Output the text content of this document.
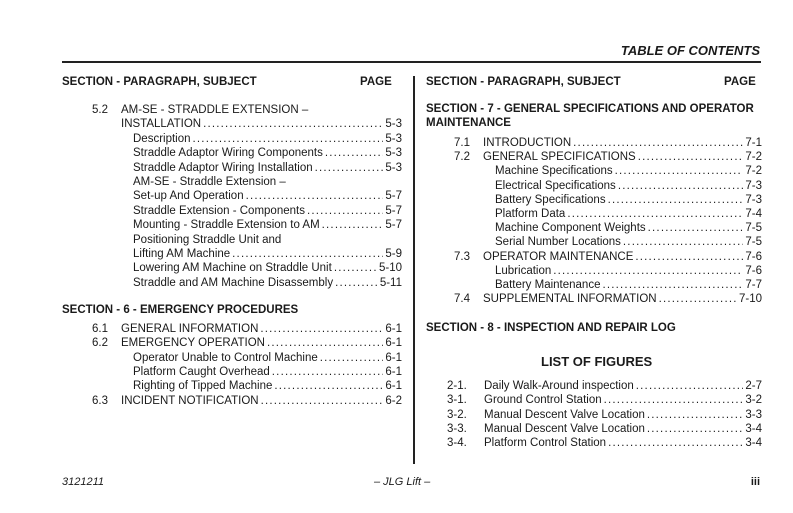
TABLE OF CONTENTS
SECTION - PARAGRAPH, SUBJECT	PAGE	SECTION - PARAGRAPH, SUBJECT	PAGE
5.2	AM-SE - STRADDLE EXTENSION –
INSTALLATION . . .	5-3
Description . . .	5-3
Straddle Adaptor Wiring Components . . .	5-3
Straddle Adaptor Wiring Installation . . .	5-3
AM-SE - Straddle Extension –
Set-up And Operation . . .	5-7
Straddle Extension - Components . . .	5-7
Mounting - Straddle Extension to AM . . .	5-7
Positioning Straddle Unit and
Lifting AM Machine . . .	5-9
Lowering AM Machine on Straddle Unit . . .	5-10
Straddle and AM Machine Disassembly . . .	5-11
SECTION - 6 - EMERGENCY PROCEDURES
6.1	GENERAL INFORMATION . . .	6-1
6.2	EMERGENCY OPERATION . . .	6-1
Operator Unable to Control Machine . . .	6-1
Platform Caught Overhead . . .	6-1
Righting of Tipped Machine . . .	6-1
6.3	INCIDENT NOTIFICATION . . .	6-2
SECTION - 7 - GENERAL SPECIFICATIONS AND OPERATOR
MAINTENANCE
7.1	INTRODUCTION . . .	7-1
7.2	GENERAL SPECIFICATIONS . . .	7-2
Machine Specifications . . .	7-2
Electrical Specifications . . .	7-3
Battery Specifications . . .	7-3
Platform Data . . .	7-4
Machine Component Weights . . .	7-5
Serial Number Locations . . .	7-5
7.3	OPERATOR MAINTENANCE . . .	7-6
Lubrication . . .	7-6
Battery Maintenance . . .	7-7
7.4	SUPPLEMENTAL INFORMATION . . .	7-10
SECTION - 8 - INSPECTION AND REPAIR LOG
LIST OF FIGURES
2-1.	Daily Walk-Around inspection . . .	2-7
3-1.	Ground Control Station . . .	3-2
3-2.	Manual Descent Valve Location . . .	3-3
3-3.	Manual Descent Valve Location . . .	3-4
3-4.	Platform Control Station . . .	3-4
3121211	– JLG Lift –	iii
